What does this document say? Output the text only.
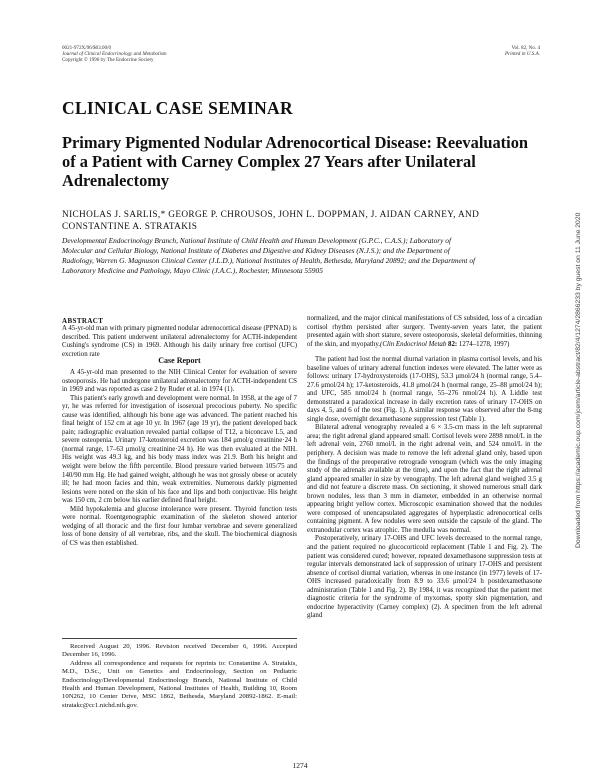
0021-972X/96/$03.00/0
Journal of Clinical Endocrinology and Metabolism
Copyright © 1996 by The Endocrine Society
Vol. 82, No. 4
Printed in U.S.A.
CLINICAL CASE SEMINAR
Primary Pigmented Nodular Adrenocortical Disease: Reevaluation of a Patient with Carney Complex 27 Years after Unilateral Adrenalectomy
NICHOLAS J. SARLIS,* GEORGE P. CHROUSOS, JOHN L. DOPPMAN, J. AIDAN CARNEY, AND CONSTANTINE A. STRATAKIS
Developmental Endocrinology Branch, National Institute of Child Health and Human Development (G.P.C., C.A.S.); Laboratory of Molecular and Cellular Biology, National Institute of Diabetes and Digestive and Kidney Diseases (N.J.S.); and the Department of Radiology, Warren G. Magnuson Clinical Center (J.L.D.), National Institutes of Health, Bethesda, Maryland 20892; and the Department of Laboratory Medicine and Pathology, Mayo Clinic (J.A.C.), Rochester, Minnesota 55905
ABSTRACT
A 45-yr-old man with primary pigmented nodular adrenocortical disease (PPNAD) is described. This patient underwent unilateral adrenalectomy for ACTH-independent Cushing's syndrome (CS) in 1969. Although his daily urinary free cortisol (UFC) excretion rate
normalized, and the major clinical manifestations of CS subsided, loss of a circadian cortisol rhythm persisted after surgery. Twenty-seven years later, the patient presented again with short stature, severe osteoporosis, skeletal deformities, thinning of the skin, and myopathy.(Clin Endocrinol Metab 82: 1274–1278, 1997)
Case Report

A 45-yr-old man presented to the NIH Clinical Center for evaluation of severe osteoporosis. He had undergone unilateral adrenalectomy for ACTH-independent CS in 1969 and was reported as case 2 by Ruder et al. in 1974 (1).

This patient's early growth and development were normal. In 1958, at the age of 7 yr, he was referred for investigation of isosexual precocious puberty. No specific cause was identified, although his bone age was advanced. The patient reached his final height of 152 cm at age 10 yr. In 1967 (age 19 yr), the patient developed back pain; radiographic evaluation revealed partial collapse of T12, a biconcave L5, and severe osteopenia. Urinary 17-ketosteroid excretion was 184 μmol/g creatinine·24 h (normal range, 17–63 μmol/g creatinine·24 h). He was then evaluated at the NIH. His weight was 49.3 kg, and his body mass index was 21.9. Both his height and weight were below the fifth percentile. Blood pressure varied between 105/75 and 140/90 mm Hg. He had gained weight, although he was not grossly obese or acutely ill; he had moon facies and thin, weak extremities. Numerous darkly pigmented lesions were noted on the skin of his face and lips and both conjuctivae. His height was 150 cm, 2 cm below his earlier defined final height.

Mild hypokalemia and glucose intolerance were present. Thyroid function tests were normal. Roentgenographic examination of the skeleton showed anterior wedging of all thoracic and the first four lumbar vertebrae and severe generalized loss of bone density of all vertebrae, ribs, and the skull. The biochemical diagnosis of CS was then established.

Received August 20, 1996. Revision received December 6, 1996. Accepted December 16, 1996.

Address all correspondence and requests for reprints to: Constantine A. Stratakis, M.D., D.Sc., Unit on Genetics and Endocrinology, Section on Pediatric Endocrinology/Developmental Endocrinology Branch, National Institute of Child Health and Human Development, National Institutes of Health, Building 10, Room 10N262, 10 Center Drive, MSC 1862, Bethesda, Maryland 20892-1862. E-mail: stratakc@cc1.nichd.nih.gov.

The patient had lost the normal diurnal variation in plasma cortisol levels, and his baseline values of urinary adrenal function indexes were elevated. The latter were as follows: urinary 17-hydroxysteroids (17-OHS), 53.3 μmol/24 h (normal range, 5.4–27.6 μmol/24 h); 17-ketosteroids, 41.8 μmol/24 h (normal range, 25–88 μmol/24 h); and UFC, 585 nmol/24 h (normal range, 55–276 nmol/24 h). A Liddle test demonstrated a paradoxical increase in daily excretion rates of urinary 17-OHS on days 4, 5, and 6 of the test (Fig. 1). A similar response was observed after the 8-mg single dose, overnight dexamethasone suppression test (Table 1).

Bilateral adrenal venography revealed a 6 × 3.5-cm mass in the left suprarenal area; the right adrenal gland appeared small. Cortisol levels were 2898 nmol/L in the left adrenal vein, 2760 nmol/L in the right adrenal vein, and 524 nmol/L in the periphery. A decision was made to remove the left adrenal gland only, based upon the findings of the preoperative retrograde venogram (which was the only imaging study of the adrenals available at the time), and upon the fact that the right adrenal gland appeared smaller in size by venography. The left adrenal gland weighed 3.5 g and did not feature a discrete mass. On sectioning, it showed numerous small dark brown nodules, less than 3 mm in diameter, embedded in an otherwise normal appearing bright yellow cortex. Microscopic examination showed that the nodules were composed of unencapsulated aggregates of hyperplastic adrenocortical cells containing pigment. A few nodules were seen outside the capsule of the gland. The extranodular cortex was atrophic. The medulla was normal.

Postoperatively, urinary 17-OHS and UFC levels decreased to the normal range, and the patient required no glucocorticoid replacement (Table 1 and Fig. 2). The patient was considered cured; however, repeated dexamethasone suppression tests at regular intervals demonstrated lack of suppression of urinary 17-OHS and persistent absence of cortisol diurnal variation, whereas in one instance (in 1977) levels of 17-OHS increased paradoxically from 8.9 to 33.6 μmol/24 h postdexamethasone administration (Table 1 and Fig. 2). By 1984, it was recognized that the patient met diagnostic criteria for the syndrome of myxomas, spotty skin pigmentation, and endocrine hyperactivity (Carney complex) (2). A specimen from the left adrenal gland

1274
Downloaded from https://academic.oup.com/jcem/article-abstract/82/4/1274/2866233 by guest on 11 June 2020
